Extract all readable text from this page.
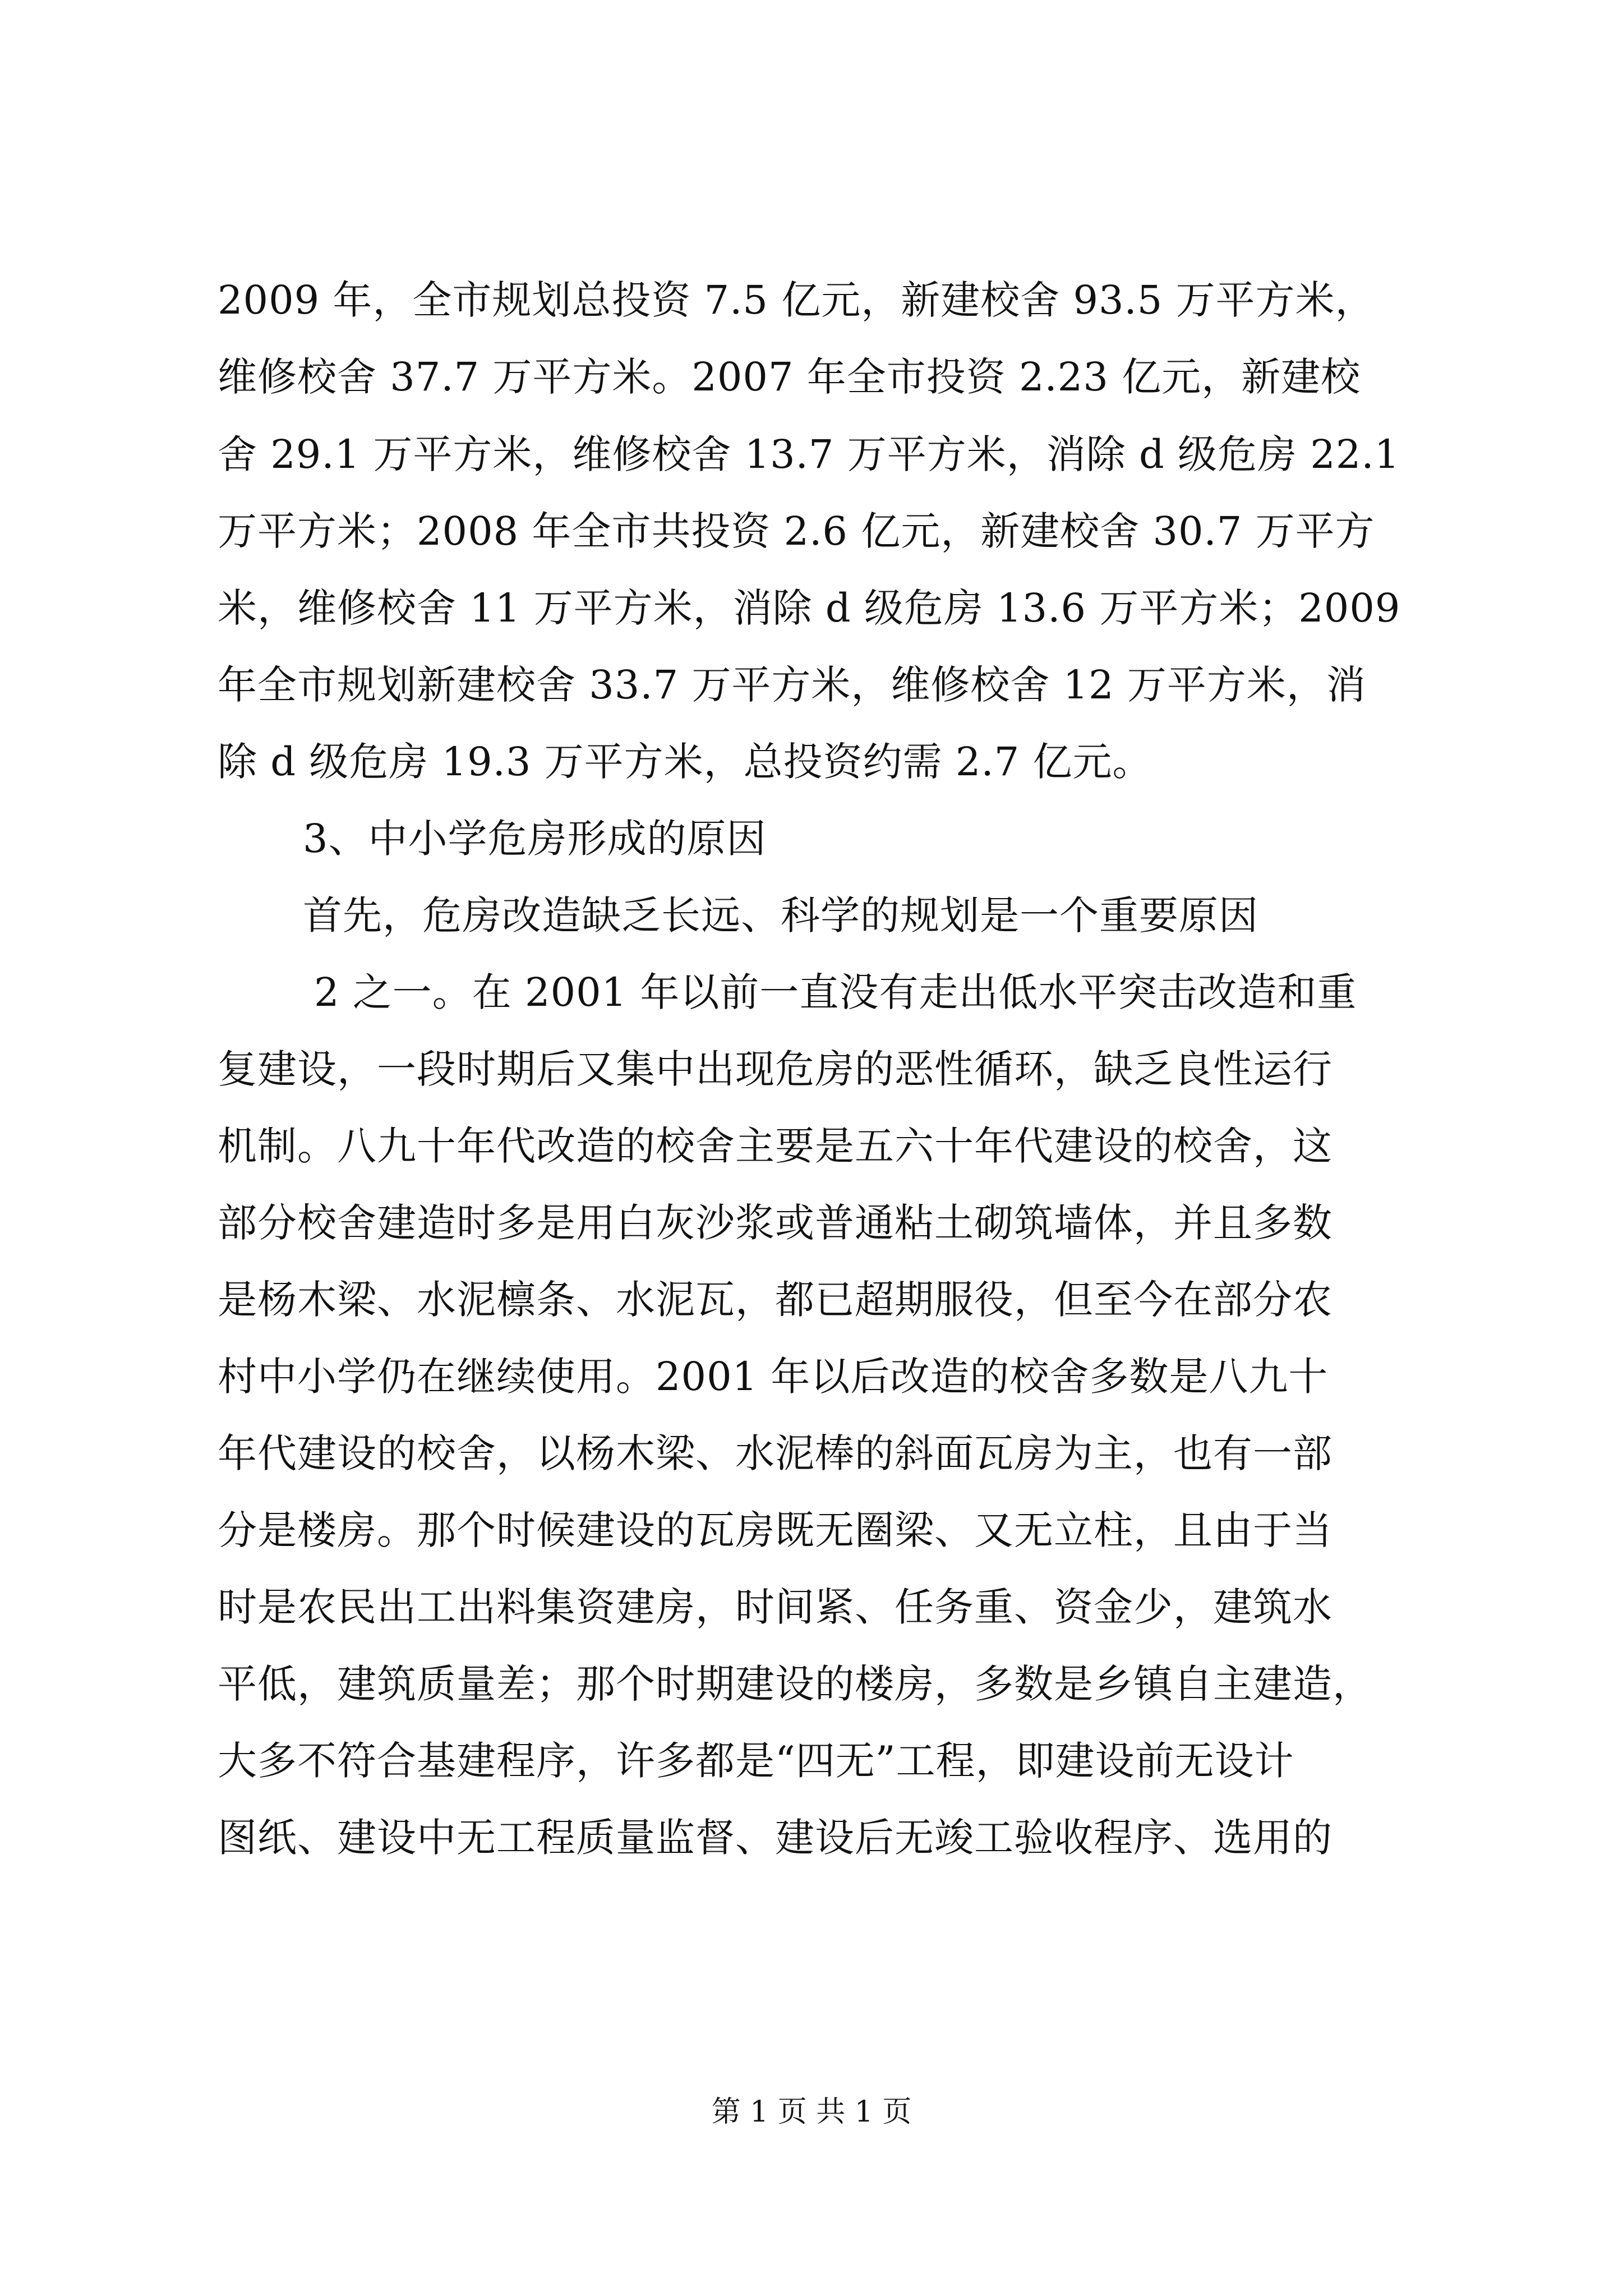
2009 年，全市规划总投资 7.5 亿元，新建校舍 93.5 万平方米，
维修校舍 37.7 万平方米。2007 年全市投资 2.23 亿元，新建校
舍 29.1 万平方米，维修校舍 13.7 万平方米，消除 d 级危房 22.1
万平方米；2008 年全市共投资 2.6 亿元，新建校舍 30.7 万平方
米，维修校舍 11 万平方米，消除 d 级危房 13.6 万平方米；2009
年全市规划新建校舍 33.7 万平方米，维修校舍 12 万平方米，消
除 d 级危房 19.3 万平方米，总投资约需 2.7 亿元。
3、中小学危房形成的原因
首先，危房改造缺乏长远、科学的规划是一个重要原因
2 之一。在 2001 年以前一直没有走出低水平突击改造和重
复建设，一段时期后又集中出现危房的恶性循环，缺乏良性运行
机制。八九十年代改造的校舍主要是五六十年代建设的校舍，这
部分校舍建造时多是用白灰沙浆或普通粘土砌筑墙体，并且多数
是杨木梁、水泥檩条、水泥瓦，都已超期服役，但至今在部分农
村中小学仍在继续使用。2001 年以后改造的校舍多数是八九十
年代建设的校舍，以杨木梁、水泥棒的斜面瓦房为主，也有一部
分是楼房。那个时候建设的瓦房既无圈梁、又无立柱，且由于当
时是农民出工出料集资建房，时间紧、任务重、资金少，建筑水
平低，建筑质量差；那个时期建设的楼房，多数是乡镇自主建造，
大多不符合基建程序，许多都是“四无”工程，即建设前无设计
图纸、建设中无工程质量监督、建设后无竣工验收程序、选用的
第 1 页 共 1 页
